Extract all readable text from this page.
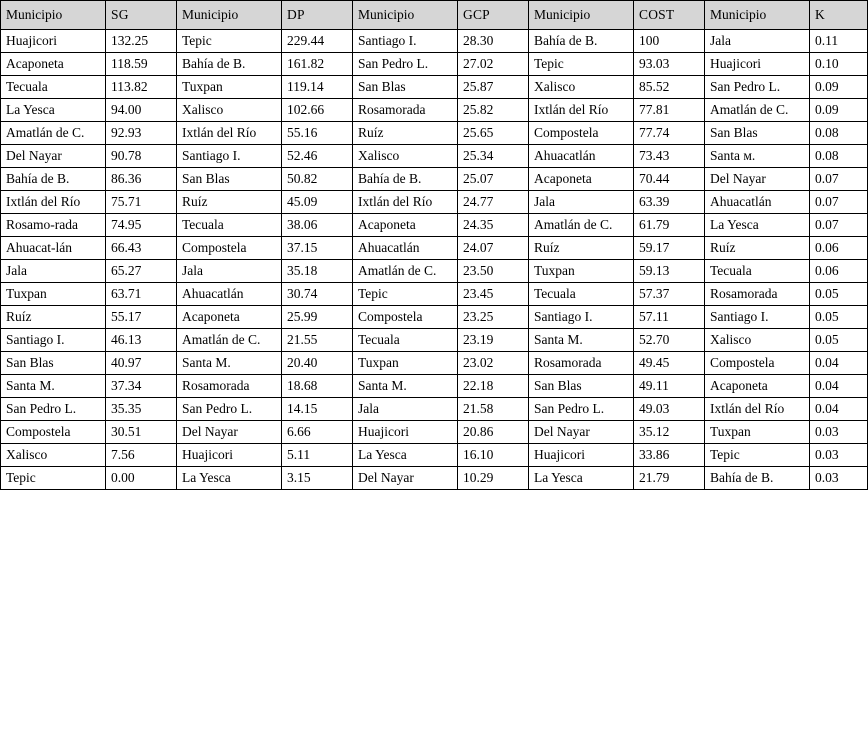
Municipio	SG	Municipio	DP	Municipio	GCP	Municipio	COST	Municipio	K
Huajicori	132.25	Tepic	229.44	Santiago I.	28.30	Bahía de B.	100	Jala	0.11
Acaponeta	118.59	Bahía de B.	161.82	San Pedro L.	27.02	Tepic	93.03	Huajicori	0.10
Tecuala	113.82	Tuxpan	119.14	San Blas	25.87	Xalisco	85.52	San Pedro L.	0.09
La Yesca	94.00	Xalisco	102.66	Rosamorada	25.82	Ixtlán del Río	77.81	Amatlán de C.	0.09
Amatlán de C.	92.93	Ixtlán del Río	55.16	Ruíz	25.65	Compostela	77.74	San Blas	0.08
Del Nayar	90.78	Santiago I.	52.46	Xalisco	25.34	Ahuacatlán	73.43	Santa м.	0.08
Bahía de B.	86.36	San Blas	50.82	Bahía de B.	25.07	Acaponeta	70.44	Del Nayar	0.07
Ixtlán del Río	75.71	Ruíz	45.09	Ixtlán del Río	24.77	Jala	63.39	Ahuacatlán	0.07
Rosamo-​rada	74.95	Tecuala	38.06	Acaponeta	24.35	Amatlán de C.	61.79	La Yesca	0.07
Ahuacat-​lán	66.43	Compostela	37.15	Ahuacatlán	24.07	Ruíz	59.17	Ruíz	0.06
Jala	65.27	Jala	35.18	Amatlán de C.	23.50	Tuxpan	59.13	Tecuala	0.06
Tuxpan	63.71	Ahuacatlán	30.74	Tepic	23.45	Tecuala	57.37	Rosamorada	0.05
Ruíz	55.17	Acaponeta	25.99	Compostela	23.25	Santiago I.	57.11	Santiago I.	0.05
Santiago I.	46.13	Amatlán de C.	21.55	Tecuala	23.19	Santa M.	52.70	Xalisco	0.05
San Blas	40.97	Santa M.	20.40	Tuxpan	23.02	Rosamorada	49.45	Compostela	0.04
Santa M.	37.34	Rosamorada	18.68	Santa M.	22.18	San Blas	49.11	Acaponeta	0.04
San Pedro L.	35.35	San Pedro L.	14.15	Jala	21.58	San Pedro L.	49.03	Ixtlán del Río	0.04
Compostela	30.51	Del Nayar	6.66	Huajicori	20.86	Del Nayar	35.12	Tuxpan	0.03
Xalisco	7.56	Huajicori	5.11	La Yesca	16.10	Huajicori	33.86	Tepic	0.03
Tepic	0.00	La Yesca	3.15	Del Nayar	10.29	La Yesca	21.79	Bahía de B.	0.03
